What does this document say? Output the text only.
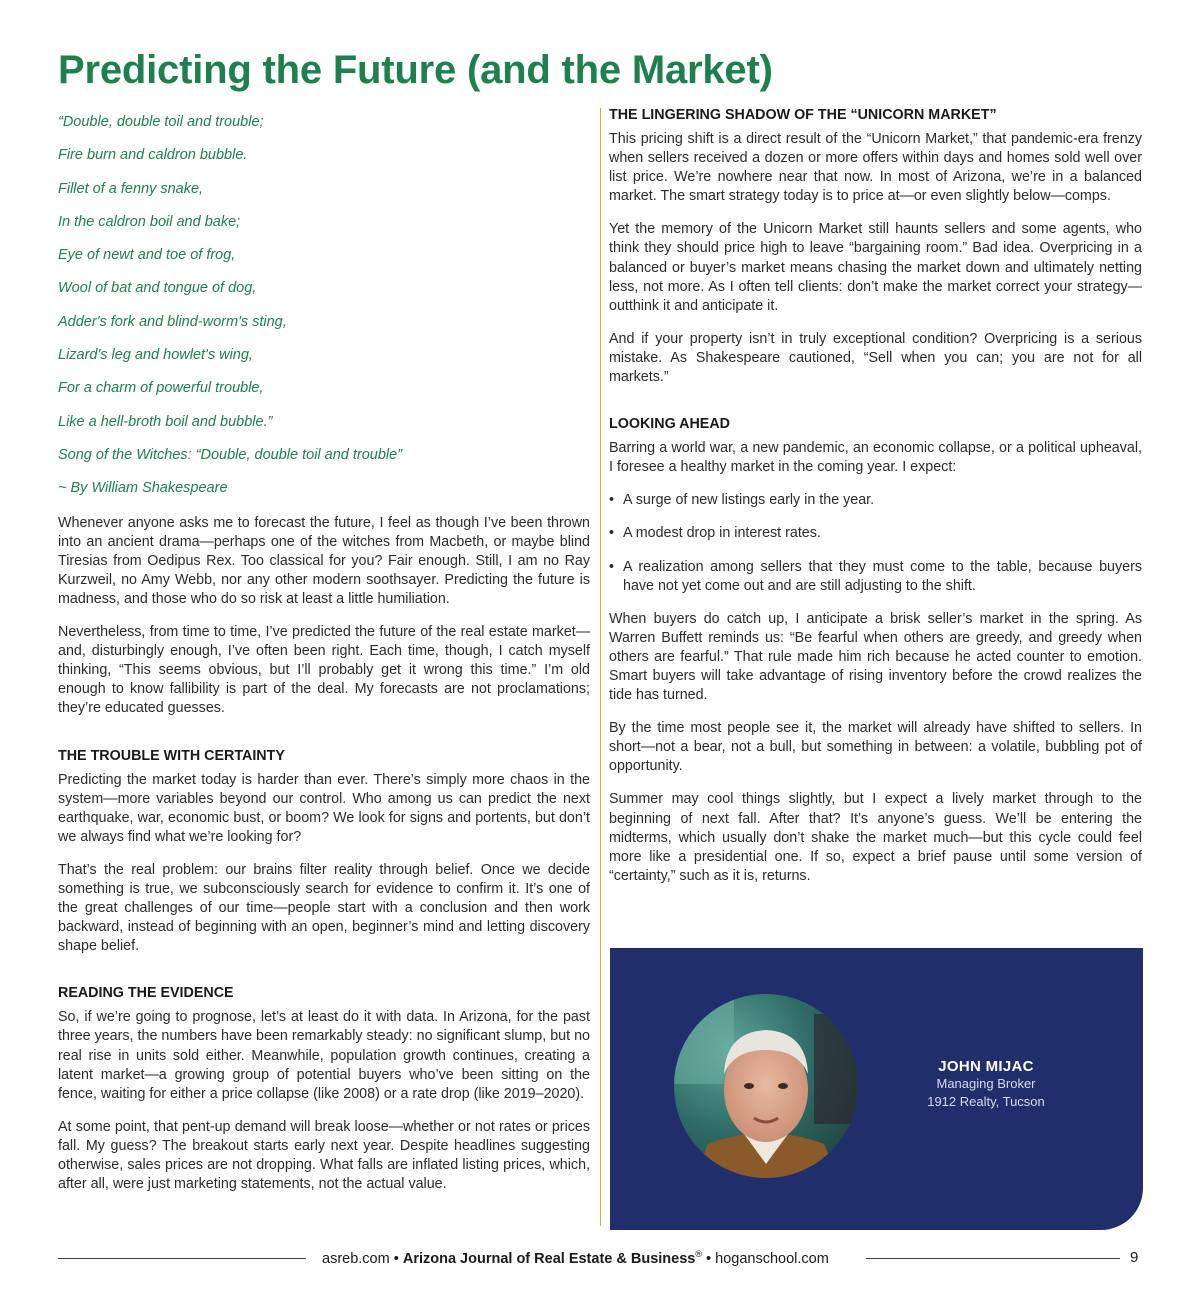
Predicting the Future (and the Market)

“Double, double toil and trouble;

Fire burn and caldron bubble.

Fillet of a fenny snake,

In the caldron boil and bake;

Eye of newt and toe of frog,

Wool of bat and tongue of dog,

Adder's fork and blind-worm's sting,

Lizard's leg and howlet's wing,

For a charm of powerful trouble,

Like a hell-broth boil and bubble.”

Song of the Witches: “Double, double toil and trouble”

~ By William Shakespeare

Whenever anyone asks me to forecast the future, I feel as though I’ve been thrown into an ancient drama—perhaps one of the witches from Macbeth, or maybe blind Tiresias from Oedipus Rex. Too classical for you? Fair enough. Still, I am no Ray Kurzweil, no Amy Webb, nor any other modern soothsayer. Predicting the future is madness, and those who do so risk at least a little humiliation.

Nevertheless, from time to time, I’ve predicted the future of the real estate market—and, disturbingly enough, I’ve often been right. Each time, though, I catch myself thinking, “This seems obvious, but I’ll probably get it wrong this time.” I’m old enough to know fallibility is part of the deal. My forecasts are not proclamations; they’re educated guesses.

THE TROUBLE WITH CERTAINTY

Predicting the market today is harder than ever. There’s simply more chaos in the system—more variables beyond our control. Who among us can predict the next earthquake, war, economic bust, or boom? We look for signs and portents, but don’t we always find what we’re looking for?

That’s the real problem: our brains filter reality through belief. Once we decide something is true, we subconsciously search for evidence to confirm it. It’s one of the great challenges of our time—people start with a conclusion and then work backward, instead of beginning with an open, beginner’s mind and letting discovery shape belief.

READING THE EVIDENCE

So, if we’re going to prognose, let’s at least do it with data. In Arizona, for the past three years, the numbers have been remarkably steady: no significant slump, but no real rise in units sold either. Meanwhile, population growth continues, creating a latent market—a growing group of potential buyers who’ve been sitting on the fence, waiting for either a price collapse (like 2008) or a rate drop (like 2019–2020).

At some point, that pent-up demand will break loose—whether or not rates or prices fall. My guess? The breakout starts early next year. Despite headlines suggesting otherwise, sales prices are not dropping. What falls are inflated listing prices, which, after all, were just marketing statements, not the actual value.

THE LINGERING SHADOW OF THE “UNICORN MARKET”

This pricing shift is a direct result of the “Unicorn Market,” that pandemic-era frenzy when sellers received a dozen or more offers within days and homes sold well over list price. We’re nowhere near that now. In most of Arizona, we’re in a balanced market. The smart strategy today is to price at—or even slightly below—comps.

Yet the memory of the Unicorn Market still haunts sellers and some agents, who think they should price high to leave “bargaining room.” Bad idea. Overpricing in a balanced or buyer’s market means chasing the market down and ultimately netting less, not more. As I often tell clients: don’t make the market correct your strategy—outthink it and anticipate it.

And if your property isn’t in truly exceptional condition? Overpricing is a serious mistake. As Shakespeare cautioned, “Sell when you can; you are not for all markets.”

LOOKING AHEAD

Barring a world war, a new pandemic, an economic collapse, or a political upheaval, I foresee a healthy market in the coming year. I expect:

• A surge of new listings early in the year.
• A modest drop in interest rates.
• A realization among sellers that they must come to the table, because buyers have not yet come out and are still adjusting to the shift.

When buyers do catch up, I anticipate a brisk seller’s market in the spring. As Warren Buffett reminds us: “Be fearful when others are greedy, and greedy when others are fearful.” That rule made him rich because he acted counter to emotion. Smart buyers will take advantage of rising inventory before the crowd realizes the tide has turned.

By the time most people see it, the market will already have shifted to sellers. In short—not a bear, not a bull, but something in between: a volatile, bubbling pot of opportunity.

Summer may cool things slightly, but I expect a lively market through to the beginning of next fall. After that? It’s anyone’s guess. We’ll be entering the midterms, which usually don’t shake the market much—but this cycle could feel more like a presidential one. If so, expect a brief pause until some version of “certainty,” such as it is, returns.

JOHN MIJAC
Managing Broker
1912 Realty, Tucson
asreb.com • Arizona Journal of Real Estate & Business® • hoganschool.com	9
